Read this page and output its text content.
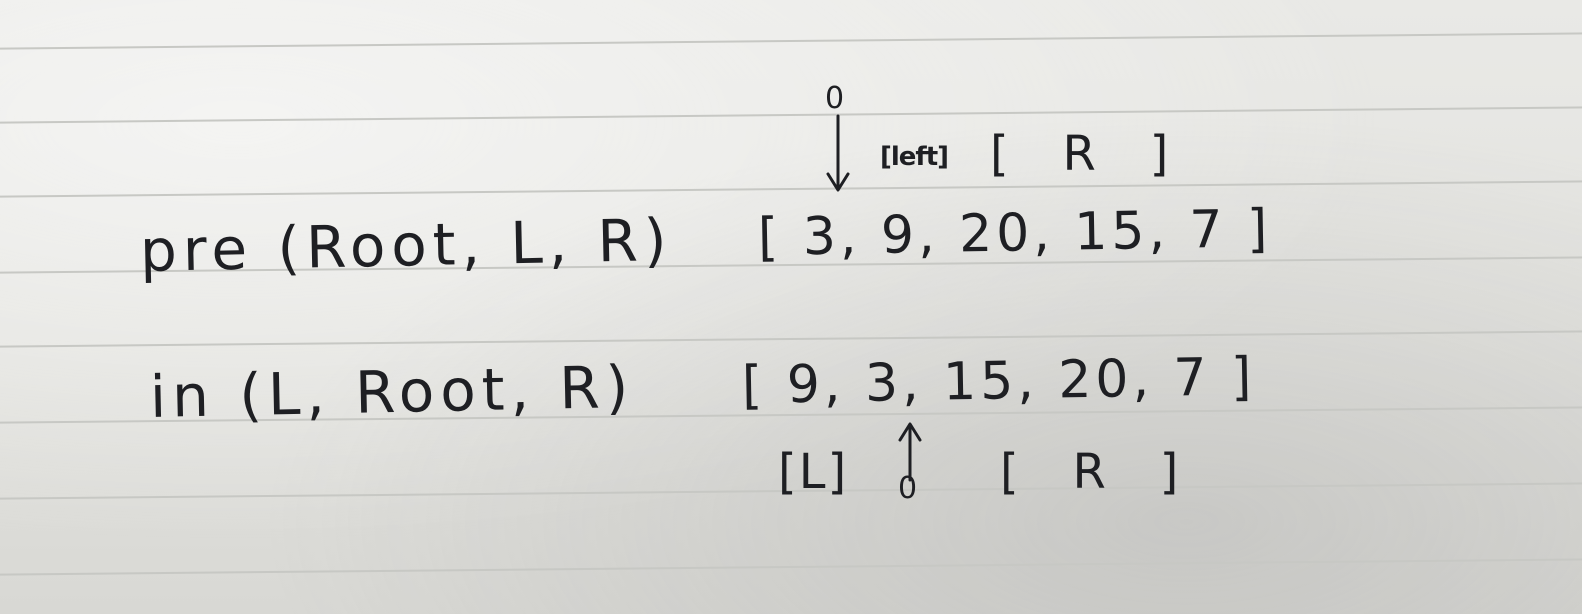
0
[left] [   R   ]
pre (Root, L, R) [ 3, 9, 20, 15, 7 ]
in (L, Root, R) [ 9, 3, 15, 20, 7 ]
[L] 0 [   R   ]
